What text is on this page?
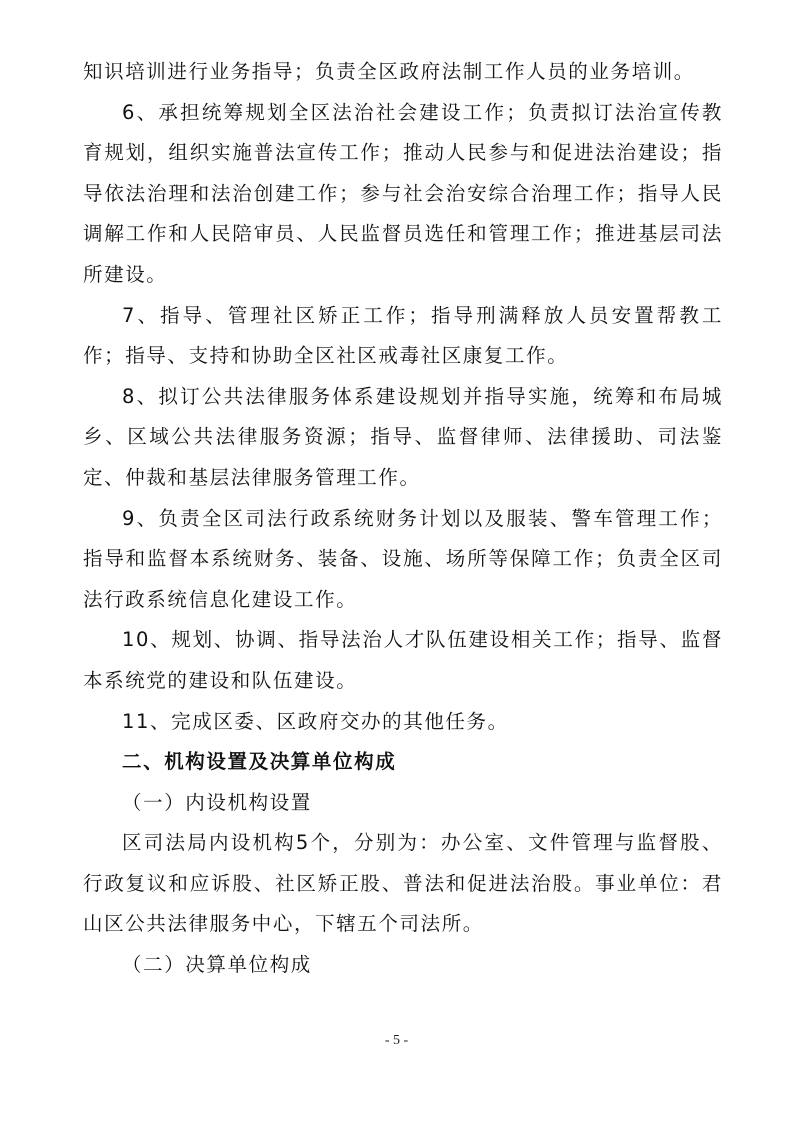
知识培训进行业务指导；负责全区政府法制工作人员的业务培训。

6、承担统筹规划全区法治社会建设工作；负责拟订法治宣传教育规划，组织实施普法宣传工作；推动人民参与和促进法治建设；指导依法治理和法治创建工作；参与社会治安综合治理工作；指导人民调解工作和人民陪审员、人民监督员选任和管理工作；推进基层司法所建设。

7、指导、管理社区矫正工作；指导刑满释放人员安置帮教工作；指导、支持和协助全区社区戒毒社区康复工作。

8、拟订公共法律服务体系建设规划并指导实施，统筹和布局城乡、区域公共法律服务资源；指导、监督律师、法律援助、司法鉴定、仲裁和基层法律服务管理工作。

9、负责全区司法行政系统财务计划以及服装、警车管理工作；指导和监督本系统财务、装备、设施、场所等保障工作；负责全区司法行政系统信息化建设工作。

10、规划、协调、指导法治人才队伍建设相关工作；指导、监督本系统党的建设和队伍建设。

11、完成区委、区政府交办的其他任务。

二、机构设置及决算单位构成

（一）内设机构设置

区司法局内设机构5个，分别为：办公室、文件管理与监督股、行政复议和应诉股、社区矫正股、普法和促进法治股。事业单位：君山区公共法律服务中心，下辖五个司法所。

（二）决算单位构成

- 5 -
